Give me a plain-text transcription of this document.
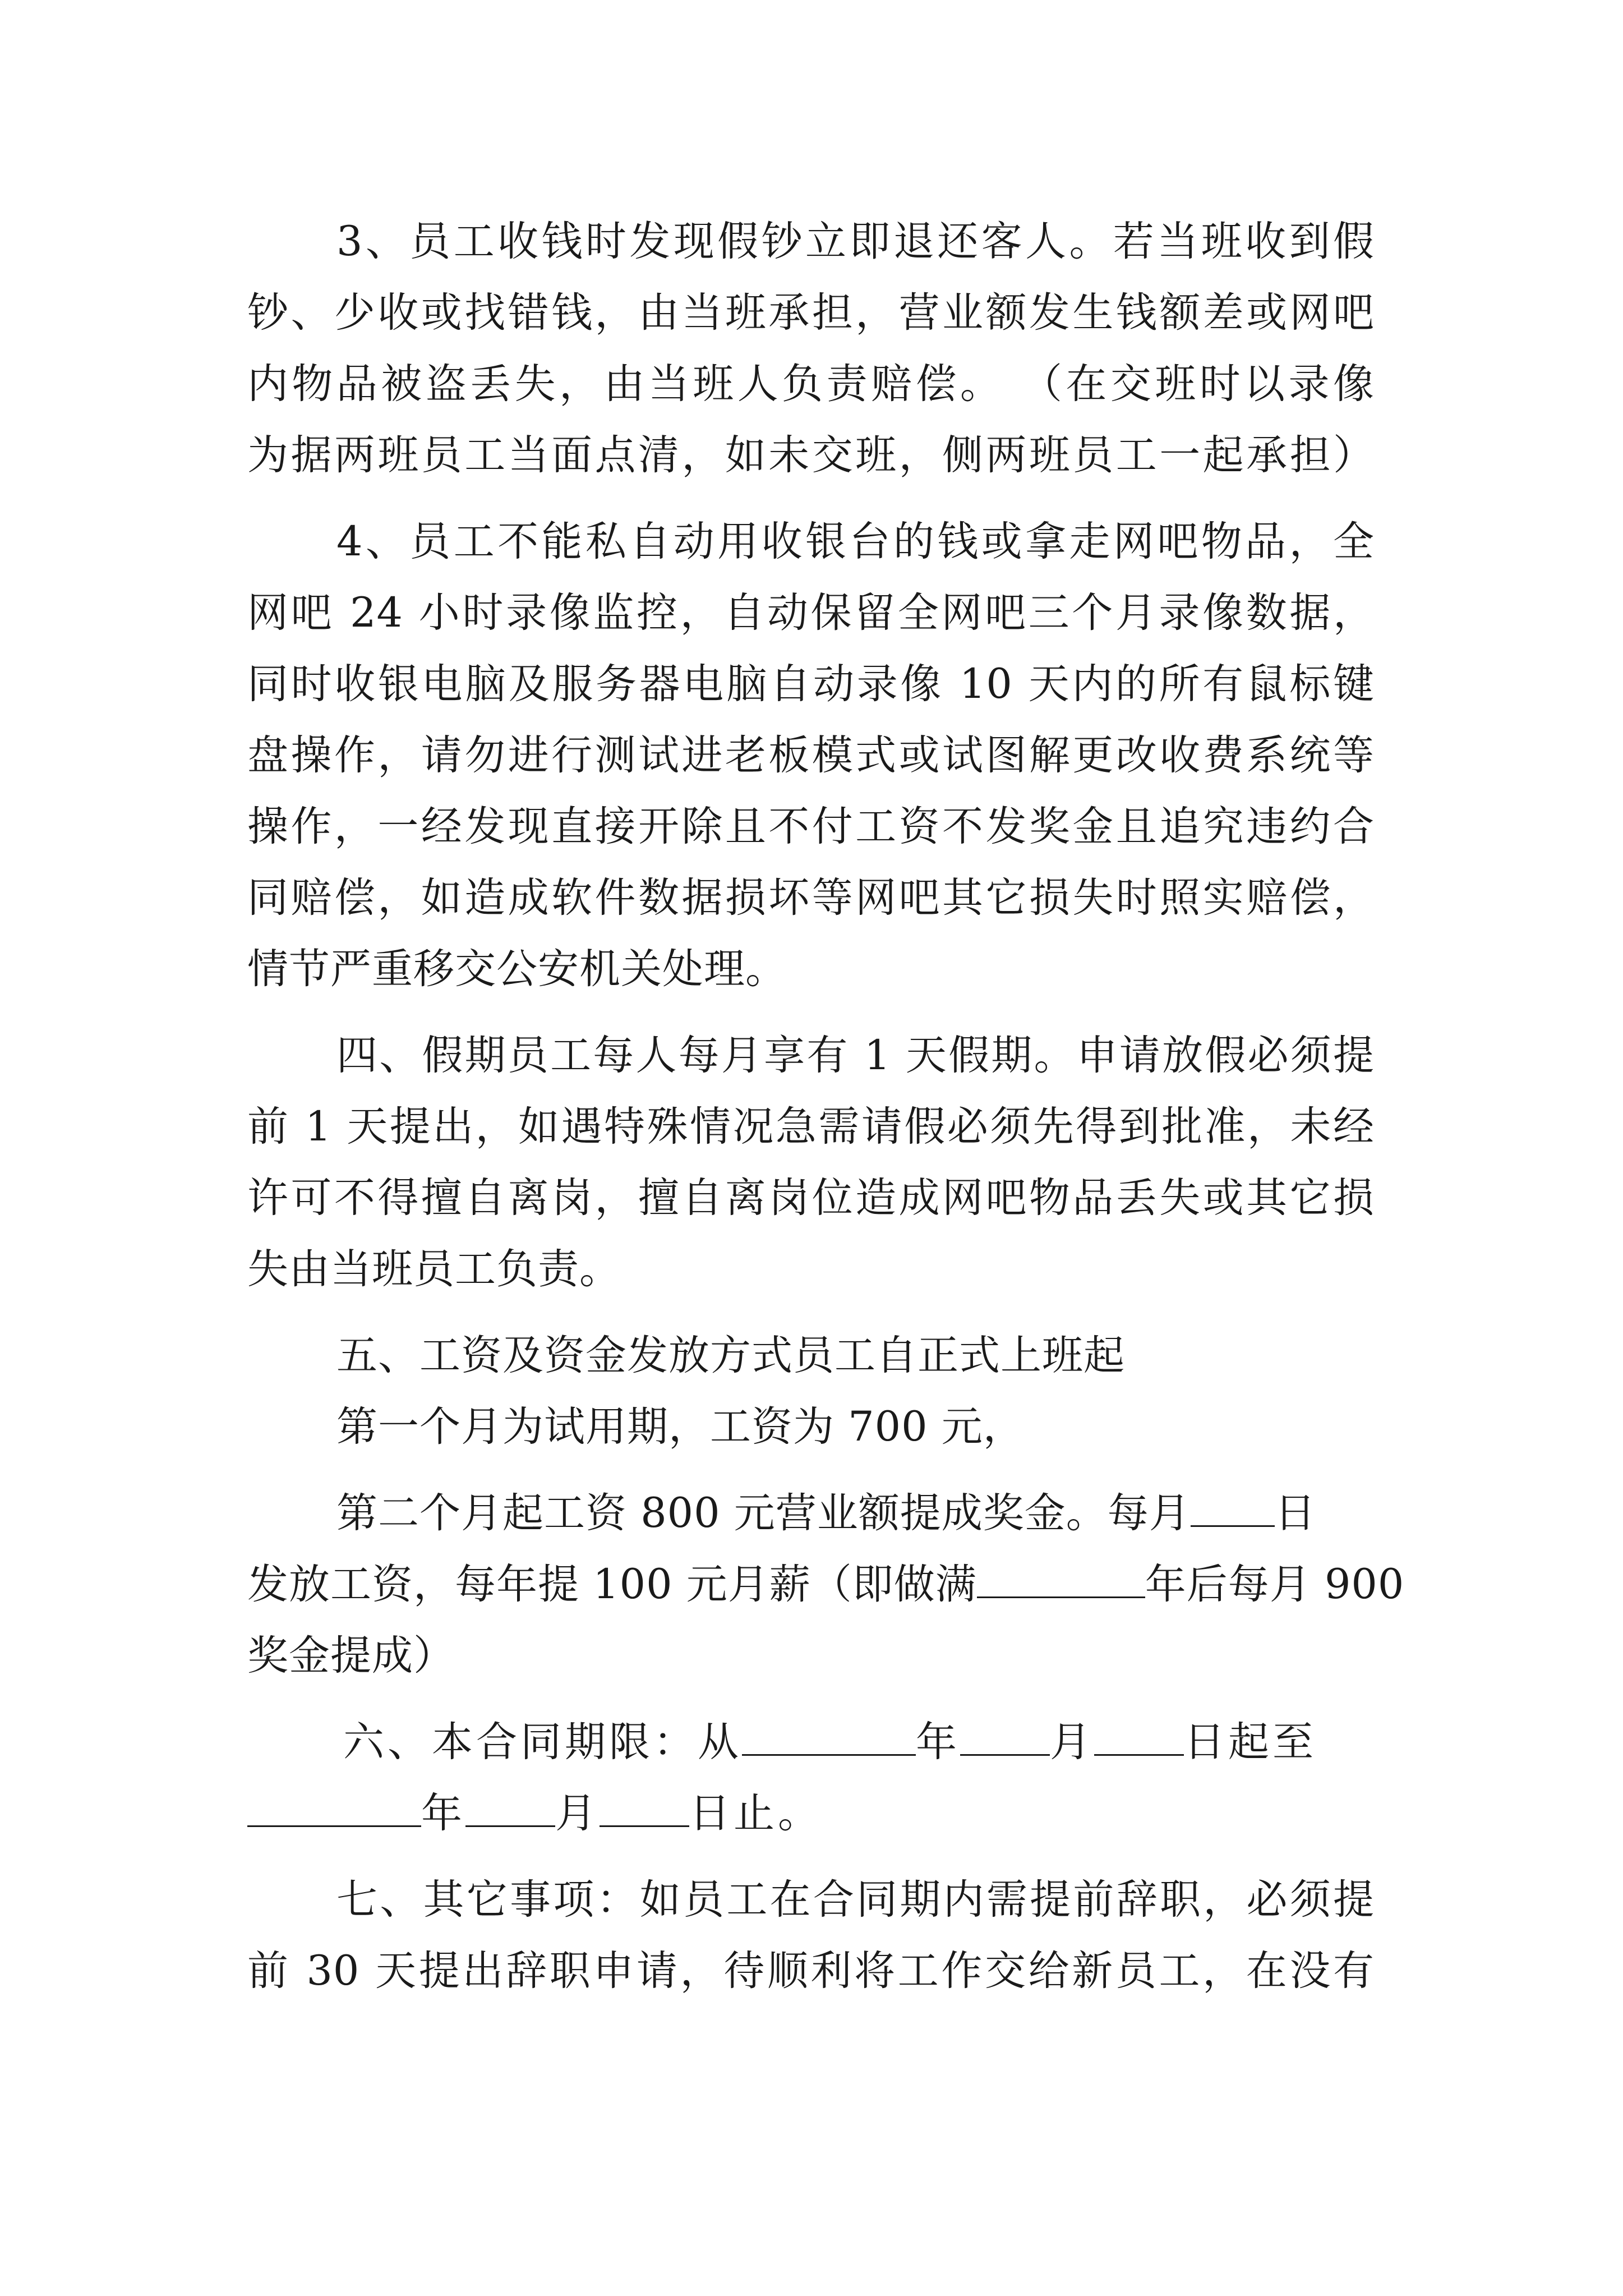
3、员工收钱时发现假钞立即退还客人。若当班收到假
钞、少收或找错钱，由当班承担，营业额发生钱额差或网吧
内物品被盗丢失，由当班人负责赔偿。 （在交班时以录像
为据两班员工当面点清，如未交班，侧两班员工一起承担）
4、员工不能私自动用收银台的钱或拿走网吧物品，全
网吧 24 小时录像监控，自动保留全网吧三个月录像数据，
同时收银电脑及服务器电脑自动录像 10 天内的所有鼠标键
盘操作，请勿进行测试进老板模式或试图解更改收费系统等
操作，一经发现直接开除且不付工资不发奖金且追究违约合
同赔偿，如造成软件数据损坏等网吧其它损失时照实赔偿，
情节严重移交公安机关处理。
四、假期员工每人每月享有 1 天假期。申请放假必须提
前 1 天提出，如遇特殊情况急需请假必须先得到批准，未经
许可不得擅自离岗，擅自离岗位造成网吧物品丢失或其它损
失由当班员工负责。
五、工资及资金发放方式员工自正式上班起
第一个月为试用期，工资为 700 元，
第二个月起工资 800 元营业额提成奖金。每月 日
发放工资，每年提 100 元月薪（即做满	年后每月 900
奖金提成）
六、本合同期限：从	年 月 日起至
年 月 日止。
七、其它事项：如员工在合同期内需提前辞职，必须提
前 30 天提出辞职申请，待顺利将工作交给新员工，在没有
